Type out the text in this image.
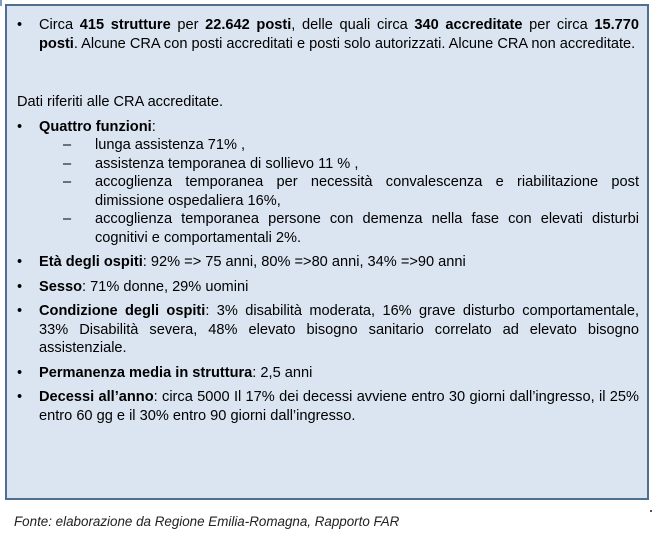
•	Circa 415 strutture per 22.642 posti, delle quali circa 340 accreditate per circa 15.770 posti. Alcune CRA con posti accreditati e posti solo autorizzati. Alcune CRA non accreditate.

Dati riferiti alle CRA accreditate.

•	Quattro funzioni:
– lunga assistenza 71% ,
– assistenza temporanea di sollievo 11 % ,
– accoglienza temporanea per necessità convalescenza e riabilitazione post dimissione ospedaliera 16%,
– accoglienza temporanea persone con demenza nella fase con elevati disturbi cognitivi e comportamentali 2%.
•	Età degli ospiti: 92% => 75 anni, 80% =>80 anni, 34% =>90 anni
•	Sesso: 71% donne, 29% uomini
•	Condizione degli ospiti: 3% disabilità moderata, 16% grave disturbo comportamentale, 33% Disabilità severa, 48% elevato bisogno sanitario correlato ad elevato bisogno assistenziale.
•	Permanenza media in struttura: 2,5 anni
•	Decessi all’anno: circa 5000 Il 17% dei decessi avviene entro 30 giorni dall’ingresso, il 25% entro 60 gg e il 30% entro 90 giorni dall’ingresso.
Fonte: elaborazione da Regione Emilia-Romagna, Rapporto FAR
